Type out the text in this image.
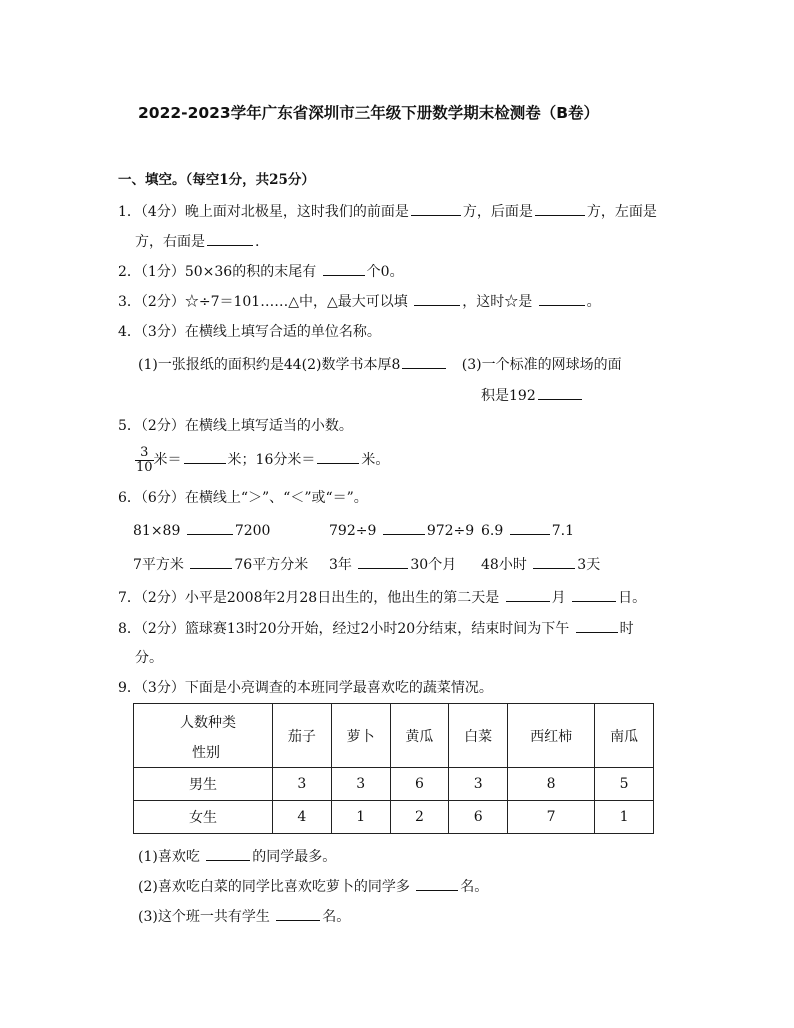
2022-2023学年广东省深圳市三年级下册数学期末检测卷（B卷）
一、填空。（每空1分，共25分）
1．（4分）晚上面对北极星，这时我们的前面是	方，后面是	方，左面是
方，右面是	.
2．（1分）50×36的积的末尾有	个0。
3．（2分）☆÷7＝101……△中，△最大可以填	，这时☆是	。
4．（3分）在横线上填写合适的单位名称。
(1)一张报纸的面积约是44(2)数学书本厚8	(3)一个标准的网球场的面
积是192
5．（2分）在横线上填写适当的小数。
$\frac{3}{10}$ 米＝	米；16分米＝	米。
6．（6分）在横线上“＞”、“＜”或“＝”。
81×89	7200	792÷9	972÷9 6.9	7.1
7平方米	76平方分米 3年	30个月 48小时	3天
7．（2分）小平是2008年2月28日出生的，他出生的第二天是	月	日。
8．（2分）篮球赛13时20分开始，经过2小时20分结束，结束时间为下午	时
分。
9．（3分）下面是小亮调查的本班同学最喜欢吃的蔬菜情况。
人数种类
性别	茄子	萝卜	黄瓜	白菜	西红柿	南瓜
男生	3	3	6	3	8	5
女生	4	1	2	6	7	1
(1)喜欢吃	的同学最多。
(2)喜欢吃白菜的同学比喜欢吃萝卜的同学多	名。
(3)这个班一共有学生	名。
